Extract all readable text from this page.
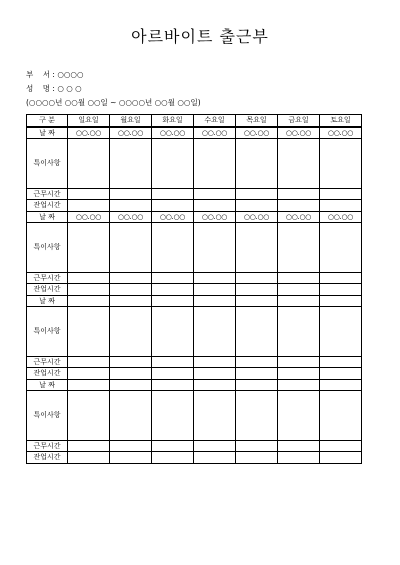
아르바이트 출근부
부    서 : ○○○○
성    명 : ○ ○ ○
(○○○○년 ○○월 ○○일 ~ ○○○○년 ○○월 ○○일)
구 분	일요일	월요일	화요일	수요일	목요일	금요일	토요일
날 짜	○○.○○	○○.○○	○○.○○	○○.○○	○○.○○	○○.○○	○○.○○
특이사항							
근무시간							
잔업시간							
날 짜	○○.○○	○○.○○	○○.○○	○○.○○	○○.○○	○○.○○	○○.○○
특이사항							
근무시간							
잔업시간							
날 짜							
특이사항							
근무시간							
잔업시간							
날 짜							
특이사항							
근무시간							
잔업시간							
